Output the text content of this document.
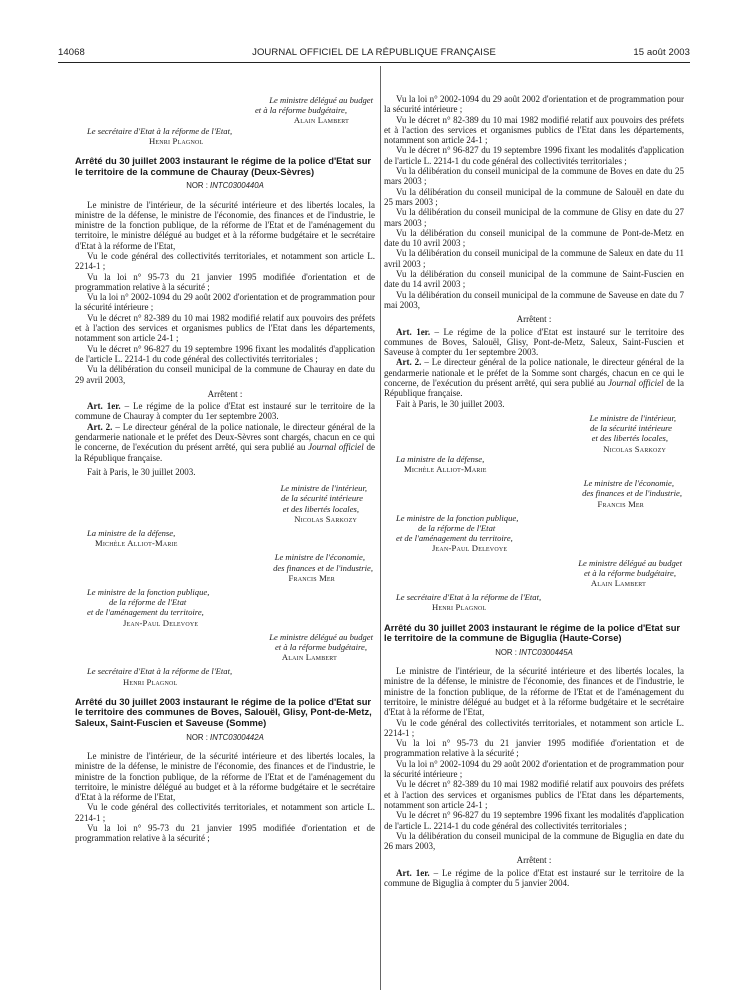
14068	JOURNAL OFFICIEL DE LA RÉPUBLIQUE FRANÇAISE	15 août 2003

Le ministre délégué au budget

et à la réforme budgétaire,

Alain Lambert

Le secrétaire d'Etat à la réforme de l'Etat,

Henri Plagnol

Arrêté du 30 juillet 2003 instaurant le régime de la police d'Etat sur le territoire de la commune de Chauray (Deux-Sèvres)

NOR : INTC0300440A

Le ministre de l'intérieur, de la sécurité intérieure et des libertés locales, la ministre de la défense, le ministre de l'économie, des finances et de l'industrie, le ministre de la fonction publique, de la réforme de l'Etat et de l'aménagement du territoire, le ministre délégué au budget et à la réforme budgétaire et le secrétaire d'Etat à la réforme de l'Etat,

Vu le code général des collectivités territoriales, et notamment son article L. 2214-1 ;

Vu la loi n° 95-73 du 21 janvier 1995 modifiée d'orientation et de programmation relative à la sécurité ;

Vu la loi n° 2002-1094 du 29 août 2002 d'orientation et de programmation pour la sécurité intérieure ;

Vu le décret n° 82-389 du 10 mai 1982 modifié relatif aux pouvoirs des préfets et à l'action des services et organismes publics de l'Etat dans les départements, notamment son article 24-1 ;

Vu le décret n° 96-827 du 19 septembre 1996 fixant les modalités d'application de l'article L. 2214-1 du code général des collectivités territoriales ;

Vu la délibération du conseil municipal de la commune de Chauray en date du 29 avril 2003,

Arrêtent :

Art. 1er. – Le régime de la police d'Etat est instauré sur le territoire de la commune de Chauray à compter du 1er septembre 2003.

Art. 2. – Le directeur général de la police nationale, le directeur général de la gendarmerie nationale et le préfet des Deux-Sèvres sont chargés, chacun en ce qui le concerne, de l'exécution du présent arrêté, qui sera publié au Journal officiel de la République française.

Fait à Paris, le 30 juillet 2003.

Le ministre de l'intérieur,

de la sécurité intérieure

et des libertés locales,

Nicolas Sarkozy

La ministre de la défense,

Michèle Alliot-Marie

Le ministre de l'économie,

des finances et de l'industrie,

Francis Mer

Le ministre de la fonction publique,

de la réforme de l'Etat

et de l'aménagement du territoire,

Jean-Paul Delevoye

Le ministre délégué au budget

et à la réforme budgétaire,

Alain Lambert

Le secrétaire d'Etat à la réforme de l'Etat,

Henri Plagnol

Arrêté du 30 juillet 2003 instaurant le régime de la police d'Etat sur le territoire des communes de Boves, Salouël, Glisy, Pont-de-Metz, Saleux, Saint-Fuscien et Saveuse (Somme)

NOR : INTC0300442A

Le ministre de l'intérieur, de la sécurité intérieure et des libertés locales, la ministre de la défense, le ministre de l'économie, des finances et de l'industrie, le ministre de la fonction publique, de la réforme de l'Etat et de l'aménagement du territoire, le ministre délégué au budget et à la réforme budgétaire et le secrétaire d'Etat à la réforme de l'Etat,

Vu le code général des collectivités territoriales, et notamment son article L. 2214-1 ;

Vu la loi n° 95-73 du 21 janvier 1995 modifiée d'orientation et de programmation relative à la sécurité ;

Vu la loi n° 2002-1094 du 29 août 2002 d'orientation et de programmation pour la sécurité intérieure ;

Vu le décret n° 82-389 du 10 mai 1982 modifié relatif aux pouvoirs des préfets et à l'action des services et organismes publics de l'Etat dans les départements, notamment son article 24-1 ;

Vu le décret n° 96-827 du 19 septembre 1996 fixant les modalités d'application de l'article L. 2214-1 du code général des collectivités territoriales ;

Vu la délibération du conseil municipal de la commune de Boves en date du 25 mars 2003 ;

Vu la délibération du conseil municipal de la commune de Salouël en date du 25 mars 2003 ;

Vu la délibération du conseil municipal de la commune de Glisy en date du 27 mars 2003 ;

Vu la délibération du conseil municipal de la commune de Pont-de-Metz en date du 10 avril 2003 ;

Vu la délibération du conseil municipal de la commune de Saleux en date du 11 avril 2003 ;

Vu la délibération du conseil municipal de la commune de Saint-Fuscien en date du 14 avril 2003 ;

Vu la délibération du conseil municipal de la commune de Saveuse en date du 7 mai 2003,

Arrêtent :

Art. 1er. – Le régime de la police d'Etat est instauré sur le territoire des communes de Boves, Salouël, Glisy, Pont-de-Metz, Saleux, Saint-Fuscien et Saveuse à compter du 1er septembre 2003.

Art. 2. – Le directeur général de la police nationale, le directeur général de la gendarmerie nationale et le préfet de la Somme sont chargés, chacun en ce qui le concerne, de l'exécution du présent arrêté, qui sera publié au Journal officiel de la République française.

Fait à Paris, le 30 juillet 2003.

Le ministre de l'intérieur,

de la sécurité intérieure

et des libertés locales,

Nicolas Sarkozy

La ministre de la défense,

Michèle Alliot-Marie

Le ministre de l'économie,

des finances et de l'industrie,

Francis Mer

Le ministre de la fonction publique,

de la réforme de l'Etat

et de l'aménagement du territoire,

Jean-Paul Delevoye

Le ministre délégué au budget

et à la réforme budgétaire,

Alain Lambert

Le secrétaire d'Etat à la réforme de l'Etat,

Henri Plagnol

Arrêté du 30 juillet 2003 instaurant le régime de la police d'Etat sur le territoire de la commune de Biguglia (Haute-Corse)

NOR : INTC0300445A

Le ministre de l'intérieur, de la sécurité intérieure et des libertés locales, la ministre de la défense, le ministre de l'économie, des finances et de l'industrie, le ministre de la fonction publique, de la réforme de l'Etat et de l'aménagement du territoire, le ministre délégué au budget et à la réforme budgétaire et le secrétaire d'Etat à la réforme de l'Etat,

Vu le code général des collectivités territoriales, et notamment son article L. 2214-1 ;

Vu la loi n° 95-73 du 21 janvier 1995 modifiée d'orientation et de programmation relative à la sécurité ;

Vu la loi n° 2002-1094 du 29 août 2002 d'orientation et de programmation pour la sécurité intérieure ;

Vu le décret n° 82-389 du 10 mai 1982 modifié relatif aux pouvoirs des préfets et à l'action des services et organismes publics de l'Etat dans les départements, notamment son article 24-1 ;

Vu le décret n° 96-827 du 19 septembre 1996 fixant les modalités d'application de l'article L. 2214-1 du code général des collectivités territoriales ;

Vu la délibération du conseil municipal de la commune de Biguglia en date du 26 mars 2003,

Arrêtent :

Art. 1er. – Le régime de la police d'Etat est instauré sur le territoire de la commune de Biguglia à compter du 5 janvier 2004.
